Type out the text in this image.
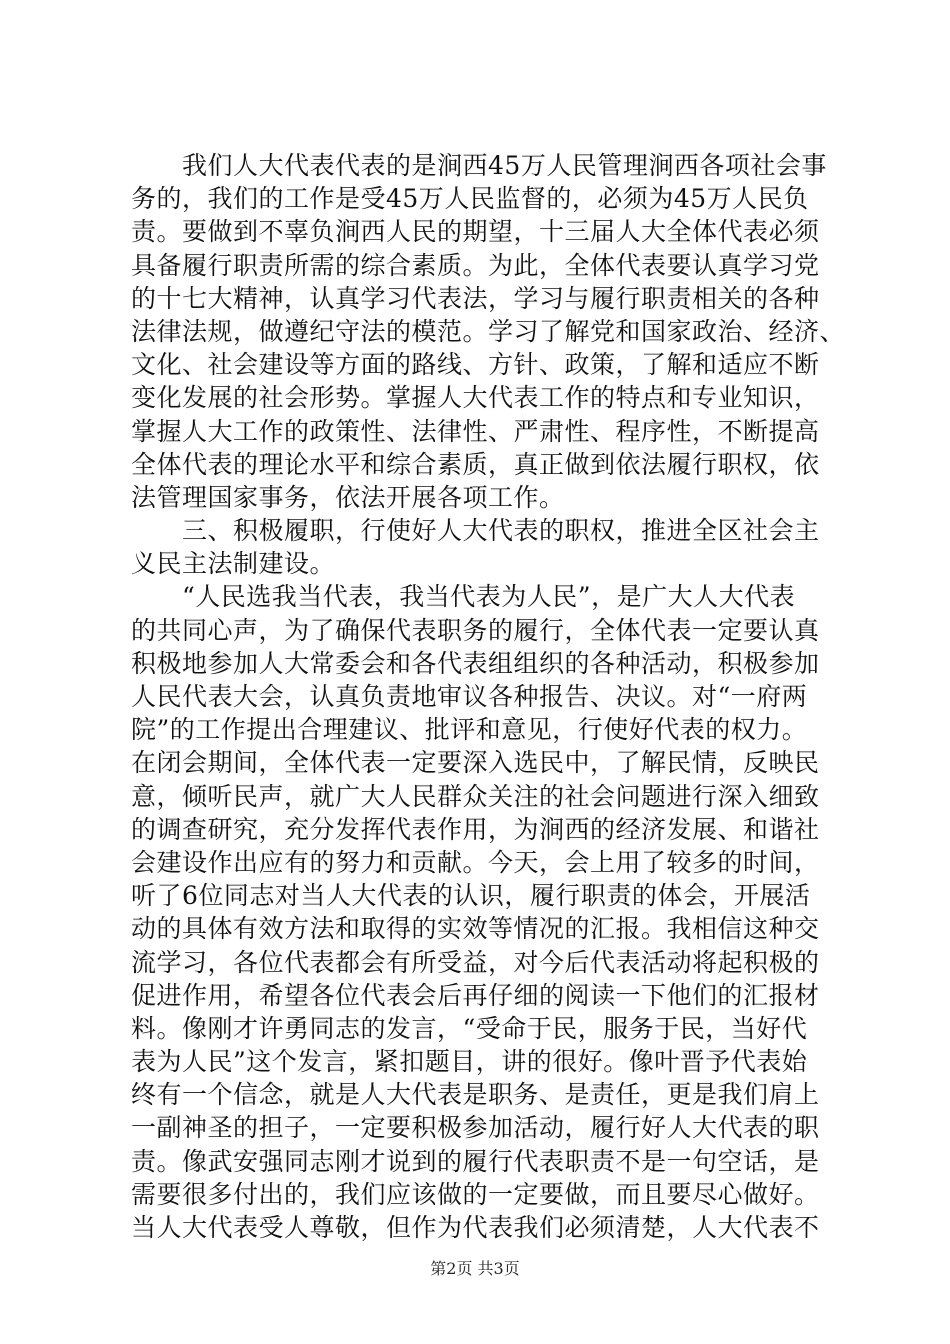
　　我们人大代表代表的是涧西45万人民管理涧西各项社会事
务的，我们的工作是受45万人民监督的，必须为45万人民负
责。要做到不辜负涧西人民的期望，十三届人大全体代表必须
具备履行职责所需的综合素质。为此，全体代表要认真学习党
的十七大精神，认真学习代表法，学习与履行职责相关的各种
法律法规，做遵纪守法的模范。学习了解党和国家政治、经济、
文化、社会建设等方面的路线、方针、政策，了解和适应不断
变化发展的社会形势。掌握人大代表工作的特点和专业知识，
掌握人大工作的政策性、法律性、严肃性、程序性，不断提高
全体代表的理论水平和综合素质，真正做到依法履行职权，依
法管理国家事务，依法开展各项工作。
　　三、积极履职，行使好人大代表的职权，推进全区社会主
义民主法制建设。
　　“人民选我当代表，我当代表为人民”，是广大人大代表
的共同心声，为了确保代表职务的履行，全体代表一定要认真
积极地参加人大常委会和各代表组组织的各种活动，积极参加
人民代表大会，认真负责地审议各种报告、决议。对“一府两
院”的工作提出合理建议、批评和意见，行使好代表的权力。
在闭会期间，全体代表一定要深入选民中，了解民情，反映民
意，倾听民声，就广大人民群众关注的社会问题进行深入细致
的调查研究，充分发挥代表作用，为涧西的经济发展、和谐社
会建设作出应有的努力和贡献。今天，会上用了较多的时间，
听了6位同志对当人大代表的认识，履行职责的体会，开展活
动的具体有效方法和取得的实效等情况的汇报。我相信这种交
流学习，各位代表都会有所受益，对今后代表活动将起积极的
促进作用，希望各位代表会后再仔细的阅读一下他们的汇报材
料。像刚才许勇同志的发言，“受命于民，服务于民，当好代
表为人民”这个发言，紧扣题目，讲的很好。像叶晋予代表始
终有一个信念，就是人大代表是职务、是责任，更是我们肩上
一副神圣的担子，一定要积极参加活动，履行好人大代表的职
责。像武安强同志刚才说到的履行代表职责不是一句空话，是
需要很多付出的，我们应该做的一定要做，而且要尽心做好。
当人大代表受人尊敬，但作为代表我们必须清楚，人大代表不
第2页 共3页
